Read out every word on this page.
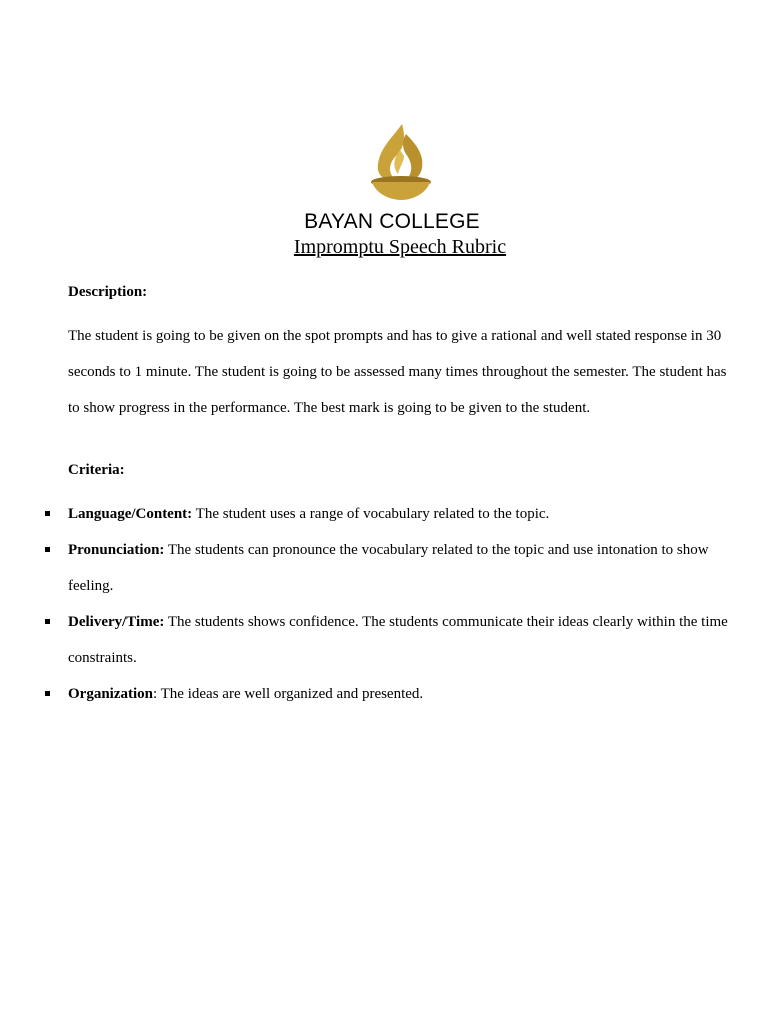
BAYAN COLLEGE
Impromptu Speech Rubric
Description:
The student is going to be given on the spot prompts and has to give a rational and well stated response in 30 seconds to 1 minute. The student is going to be assessed many times throughout the semester. The student has to show progress in the performance. The best mark is going to be given to the student.
Criteria:
Language/Content: The student uses a range of vocabulary related to the topic.
Pronunciation: The students can pronounce the vocabulary related to the topic and use intonation to show feeling.
Delivery/Time: The students shows confidence. The students communicate their ideas clearly within the time constraints.
Organization: The ideas are well organized and presented.
